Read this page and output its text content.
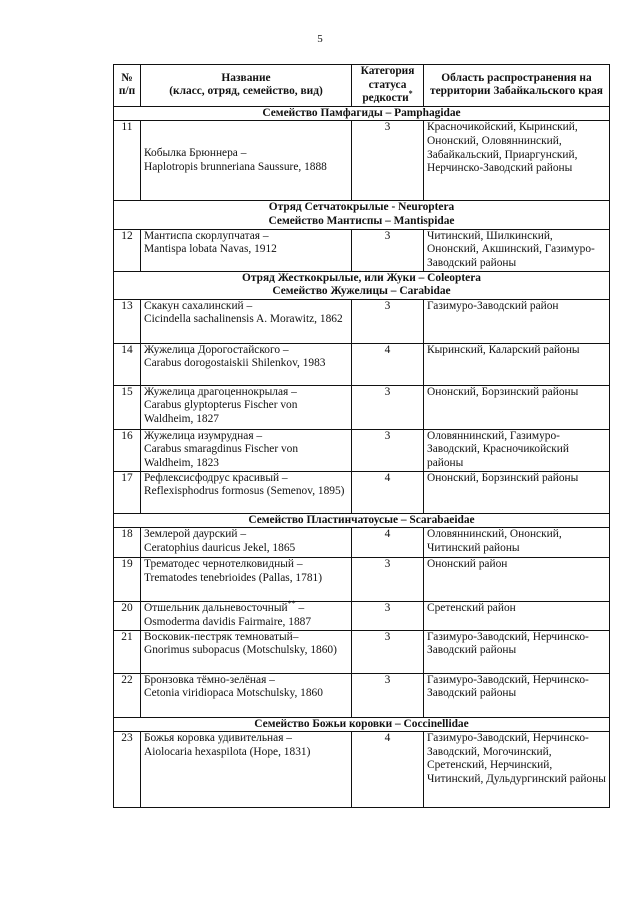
5
№ п/п	Название
(класс, отряд, семейство, вид)	Категория статуса редкости*	Область распространения на территории Забайкальского края

Семейство Памфагиды – Pamphagidae			

11	Кобылка Брюннера –
Haplotropis brunneriana Saussure, 1888	3	Красночикойский, Кыринский, Ононский, Оловяннинский, Забайкальский, Приаргунский, Нерчинско-Заводский районы

Отряд Сетчатокрылые - Neuroptera
Семейство Мантиспы – Mantispidae			

12	Мантиспа скорлупчатая –
Mantispa lobata Navas, 1912	3	Читинский, Шилкинский, Ононский, Акшинский, Газимуро-Заводский районы

Отряд Жесткокрылые, или Жуки – Coleoptera
Семейство Жужелицы – Carabidae			

13	Скакун сахалинский –
Cicindella sachalinensis A. Morawitz, 1862	3	Газимуро-Заводский район
14	Жужелица Дорогостайского –
Carabus dorogostaiskii Shilenkov, 1983	4	Кыринский, Каларский районы
15	Жужелица драгоценнокрылая –
Carabus glyptopterus Fischer von Waldheim, 1827	3	Ононский, Борзинский районы
16	Жужелица изумрудная –
Carabus smaragdinus Fischer von Waldheim, 1823	3	Оловяннинский, Газимуро-Заводский, Красночикойский районы
17	Рефлексисфодрус красивый –
Reflexisphodrus formosus (Semenov, 1895)	4	Ононский, Борзинский районы

Семейство Пластинчатоусые – Scarabaeidae			

18	Землерой даурский –
Ceratophius dauricus Jekel, 1865	4	Оловяннинский, Ононский, Читинский районы
19	Трематодес чернотелковидный –
Trematodes tenebrioides (Pallas, 1781)	3	Ононский район
20	Отшельник дальневосточный** –
Osmoderma davidis Fairmaire, 1887	3	Сретенский район
21	Восковик-пестряк темноватый–
Gnorimus subopacus (Motschulsky, 1860)	3	Газимуро-Заводский, Нерчинско-Заводский районы
22	Бронзовка тёмно-зелёная –
Cetonia viridiopaca Motschulsky, 1860	3	Газимуро-Заводский, Нерчинско-Заводский районы

Семейство Божьи коровки – Coccinellidae			

23	Божья коровка удивительная –
Aiolocaria hexaspilota (Hope, 1831)	4	Газимуро-Заводский, Нерчинско-Заводский, Могочинский, Сретенский, Нерчинский, Читинский, Дульдургинский районы
